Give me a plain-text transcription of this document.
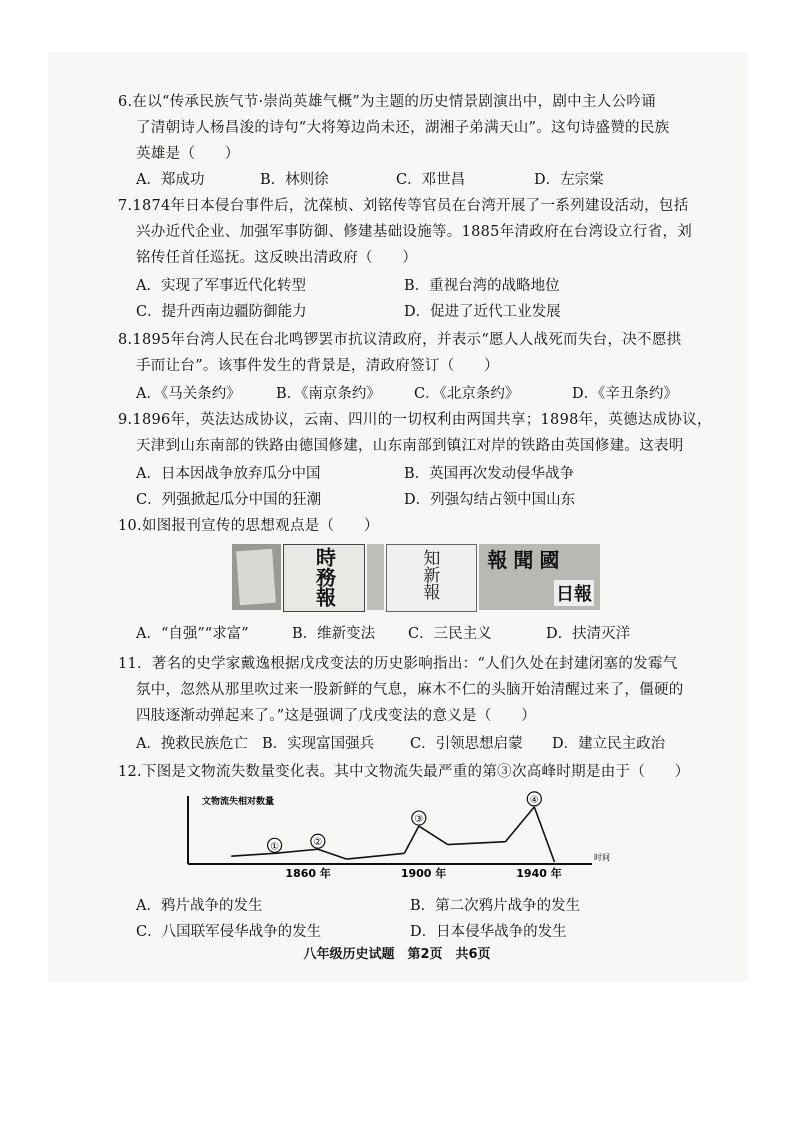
6.在以“传承民族气节·崇尚英雄气概”为主题的历史情景剧演出中，剧中主人公吟诵
了清朝诗人杨昌浚的诗句“大将筹边尚未还，湖湘子弟满天山”。这句诗盛赞的民族
英雄是（　　）
A．郑成功	B．林则徐	C．邓世昌	D．左宗棠
7.1874年日本侵台事件后，沈葆桢、刘铭传等官员在台湾开展了一系列建设活动，包括
兴办近代企业、加强军事防御、修建基础设施等。1885年清政府在台湾设立行省，刘
铭传任首任巡抚。这反映出清政府（　　）
A．实现了军事近代化转型	B．重视台湾的战略地位
C．提升西南边疆防御能力	D．促进了近代工业发展
8.1895年台湾人民在台北鸣锣罢市抗议清政府，并表示“愿人人战死而失台，决不愿拱
手而让台”。该事件发生的背景是，清政府签订（　　）
A．《马关条约》 B．《南京条约》 C．《北京条约》	D．《辛丑条约》
9.1896年，英法达成协议，云南、四川的一切权利由两国共享；1898年，英德达成协议，
天津到山东南部的铁路由德国修建，山东南部到镇江对岸的铁路由英国修建。这表明
A．日本因战争放弃瓜分中国	B．英国再次发动侵华战争
C．列强掀起瓜分中国的狂潮	D．列强勾结占领中国山东
10.如图报刊宣传的思想观点是（　　）
時務報	知新報 報聞國
日報
A．“自强”“求富”	B．维新变法 C．三民主义	D．扶清灭洋
11．著名的史学家戴逸根据戊戌变法的历史影响指出：“人们久处在封建闭塞的发霉气
氛中，忽然从那里吹过来一股新鲜的气息，麻木不仁的头脑开始清醒过来了，僵硬的
四肢逐渐动弹起来了。”这是强调了戊戌变法的意义是（　　）
A．挽救民族危亡 B．实现富国强兵 C．引领思想启蒙 D．建立民主政治
12.下图是文物流失数量变化表。其中文物流失最严重的第③次高峰时期是由于（　　）
文物流失相对数量
时间
1860 年	1900 年	1940 年
①	②
③
④
A．鸦片战争的发生	B．第二次鸦片战争的发生
C．八国联军侵华战争的发生	D．日本侵华战争的发生
八年级历史试题　第2页　共6页
